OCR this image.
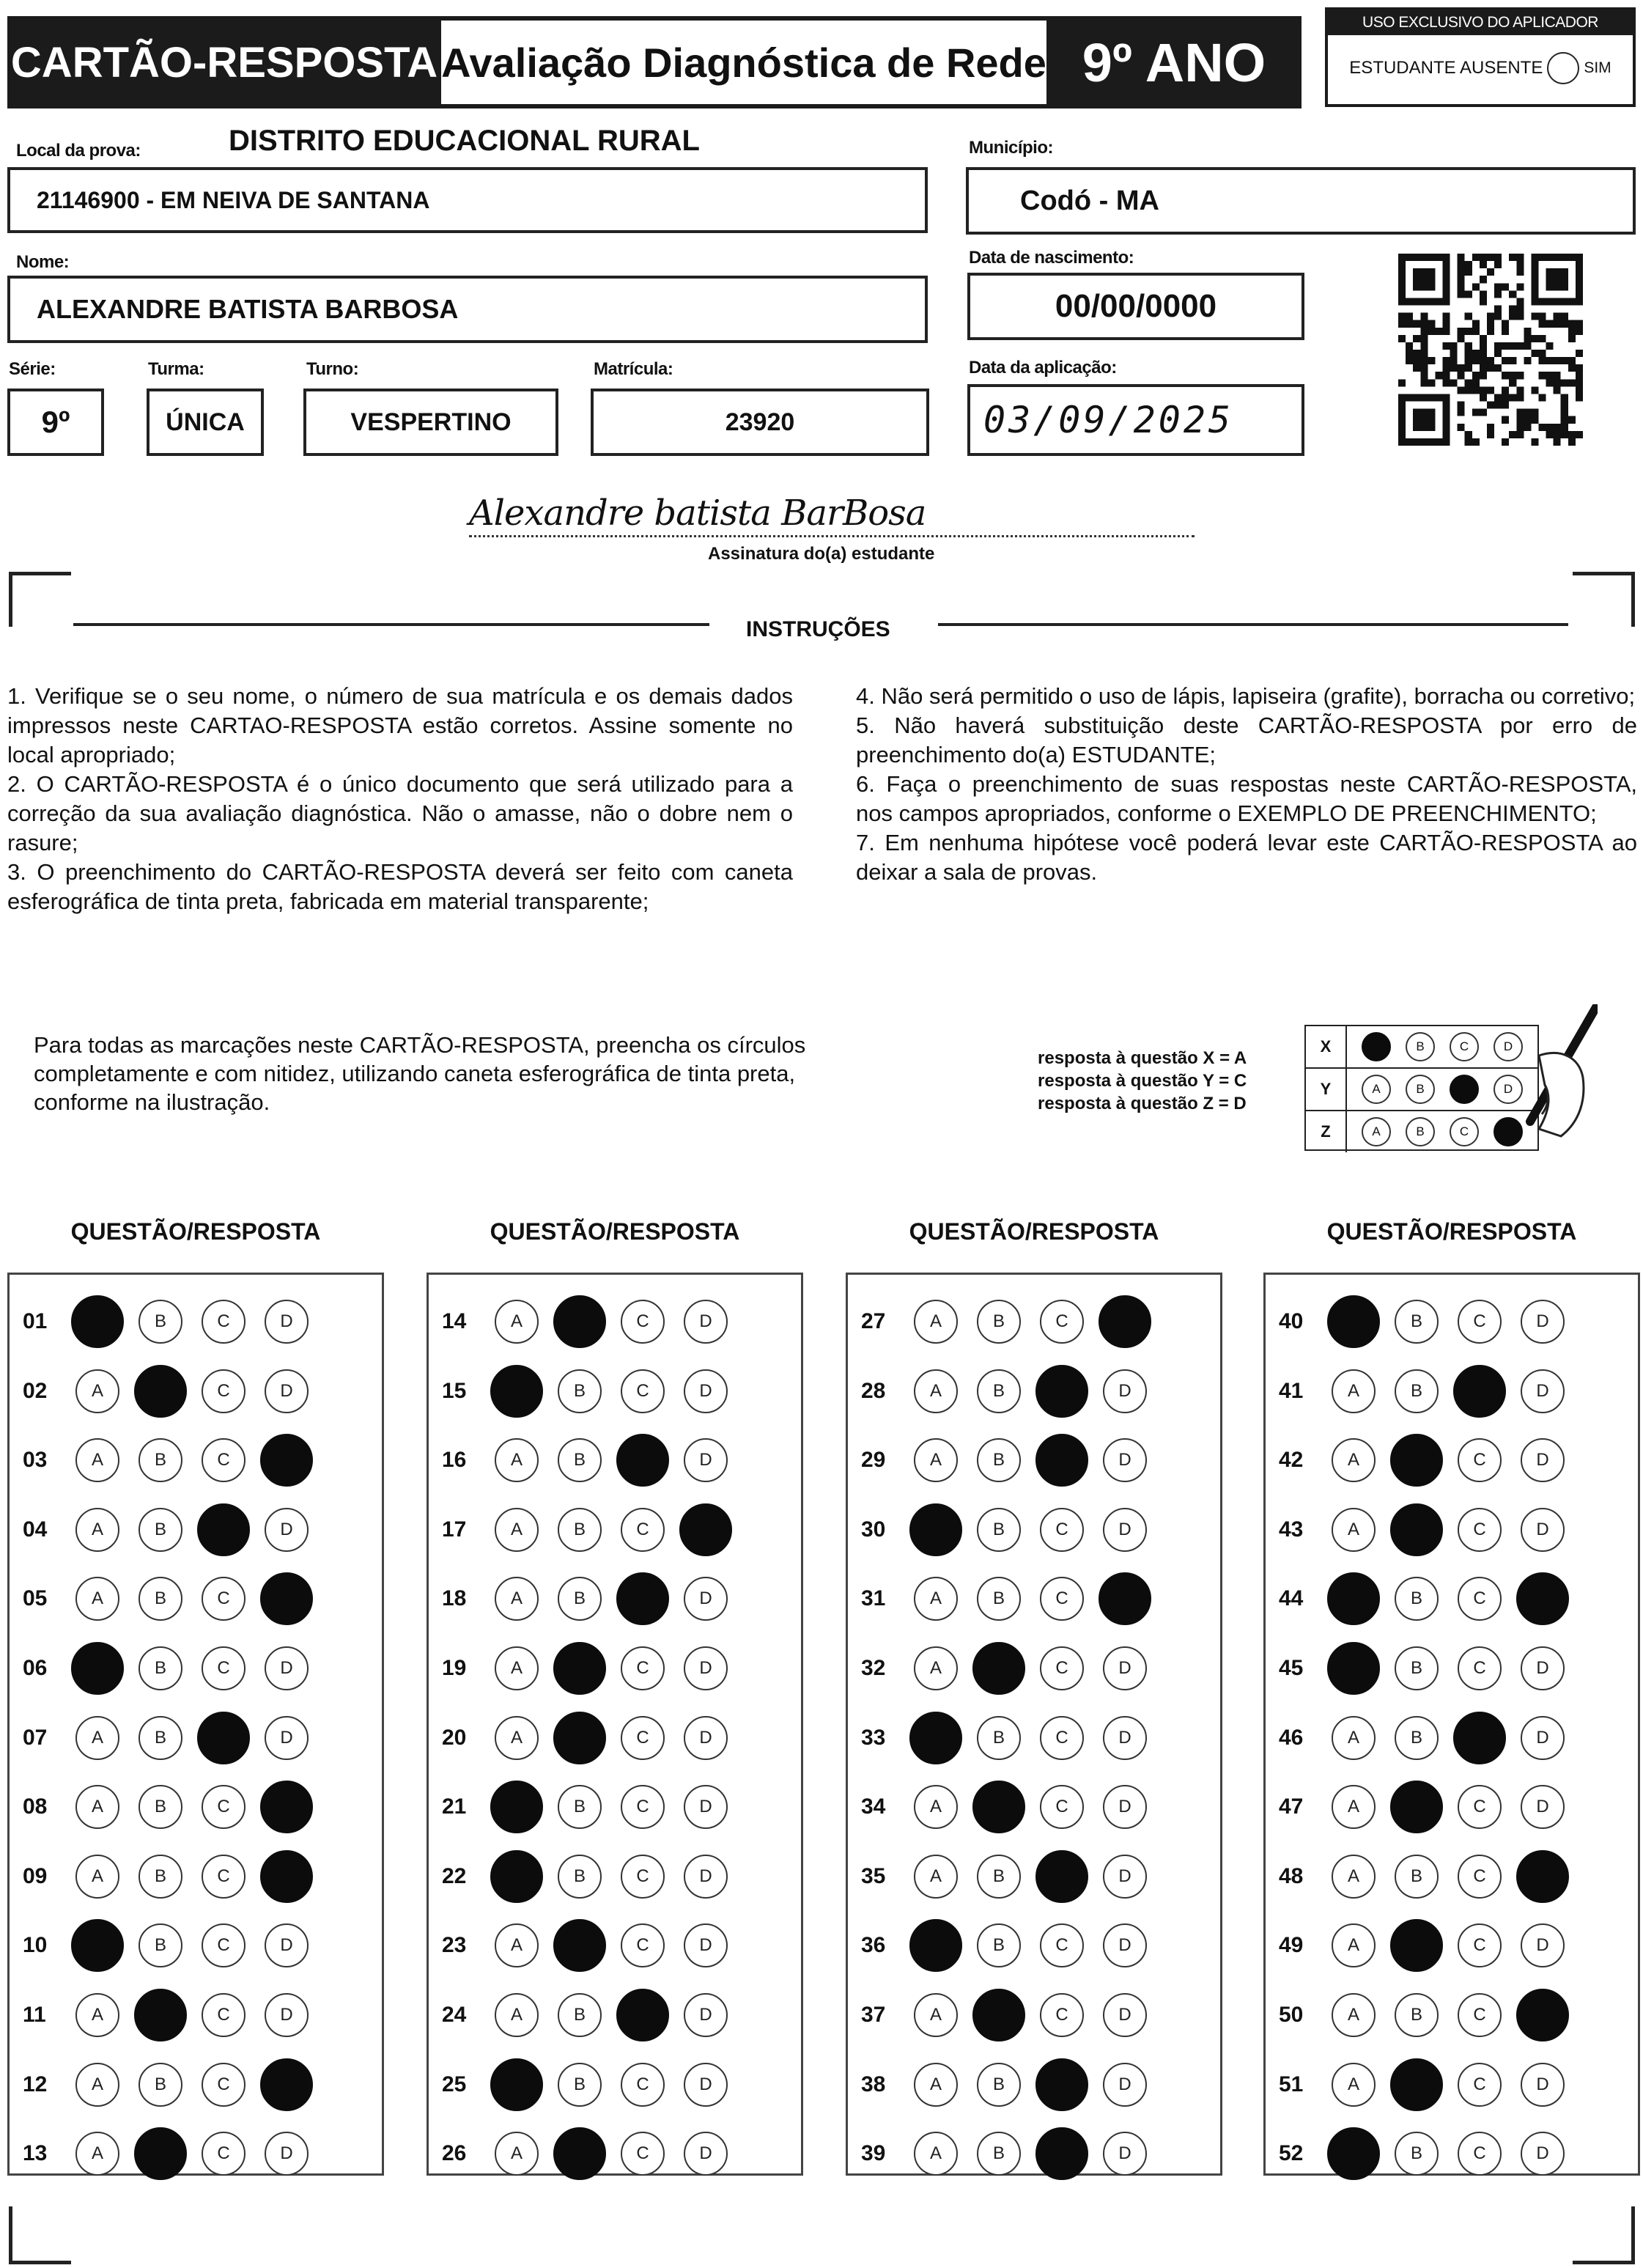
CARTÃO-RESPOSTA Avaliação Diagnóstica de Rede 9º ANO
USO EXCLUSIVO DO APLICADOR
ESTUDANTE AUSENTE	SIM
Local da prova:	DISTRITO EDUCACIONAL RURAL
21146900 - EM NEIVA DE SANTANA
Município:
Codó - MA
Nome:
ALEXANDRE BATISTA BARBOSA
Data de nascimento:
00/00/0000
Série:
9º
Turma:
ÚNICA
Turno:
VESPERTINO
Matrícula:
23920
Data da aplicação:
03/09/2025
Alexandre batista BarBosa
Assinatura do(a) estudante
INSTRUÇÕES

1. Verifique se o seu nome, o número de sua matrícula e os demais dados impressos neste CARTAO-RESPOSTA estão corretos. Assine somente no local apropriado;

2. O CARTÃO-RESPOSTA é o único documento que será utilizado para a correção da sua avaliação diagnóstica. Não o amasse, não o dobre nem o rasure;

3. O preenchimento do CARTÃO-RESPOSTA deverá ser feito com caneta esferográfica de tinta preta, fabricada em material transparente;

4. Não será permitido o uso de lápis, lapiseira (grafite), borracha ou corretivo;

5. Não haverá substituição deste CARTÃO-RESPOSTA por erro de preenchimento do(a) ESTUDANTE;

6. Faça o preenchimento de suas respostas neste CARTÃO-RESPOSTA, nos campos apropriados, conforme o EXEMPLO DE PREENCHIMENTO;

7. Em nenhuma hipótese você poderá levar este CARTÃO-RESPOSTA ao deixar a sala de provas.

Para todas as marcações neste CARTÃO-RESPOSTA, preencha os círculos completamente e com nitidez, utilizando caneta esferográfica de tinta preta, conforme na ilustração.
resposta à questão X = A
resposta à questão Y = C
resposta à questão Z = D
X	B	C	D
Y	A	B	D
Z	A	B	C
QUESTÃO/RESPOSTA
01	B	C	D
02	A	C	D
03	A	B	C
04	A	B	D
05	A	B	C
06	B	C	D
07	A	B	D
08	A	B	C
09	A	B	C
10	B	C	D
11	A	C	D
12	A	B	C
13	A	C	D
QUESTÃO/RESPOSTA
14	A	C	D
15	B	C	D
16	A	B	D
17	A	B	C
18	A	B	D
19	A	C	D
20	A	C	D
21	B	C	D
22	B	C	D
23	A	C	D
24	A	B	D
25	B	C	D
26	A	C	D
QUESTÃO/RESPOSTA
27	A	B	C
28	A	B	D
29	A	B	D
30	B	C	D
31	A	B	C
32	A	C	D
33	B	C	D
34	A	C	D
35	A	B	D
36	B	C	D
37	A	C	D
38	A	B	D
39	A	B	D
QUESTÃO/RESPOSTA
40	B	C	D
41	A	B	D
42	A	C	D
43	A	C	D
44	B	C
45	B	C	D
46	A	B	D
47	A	C	D
48	A	B	C
49	A	C	D
50	A	B	C
51	A	C	D
52	B	C	D
